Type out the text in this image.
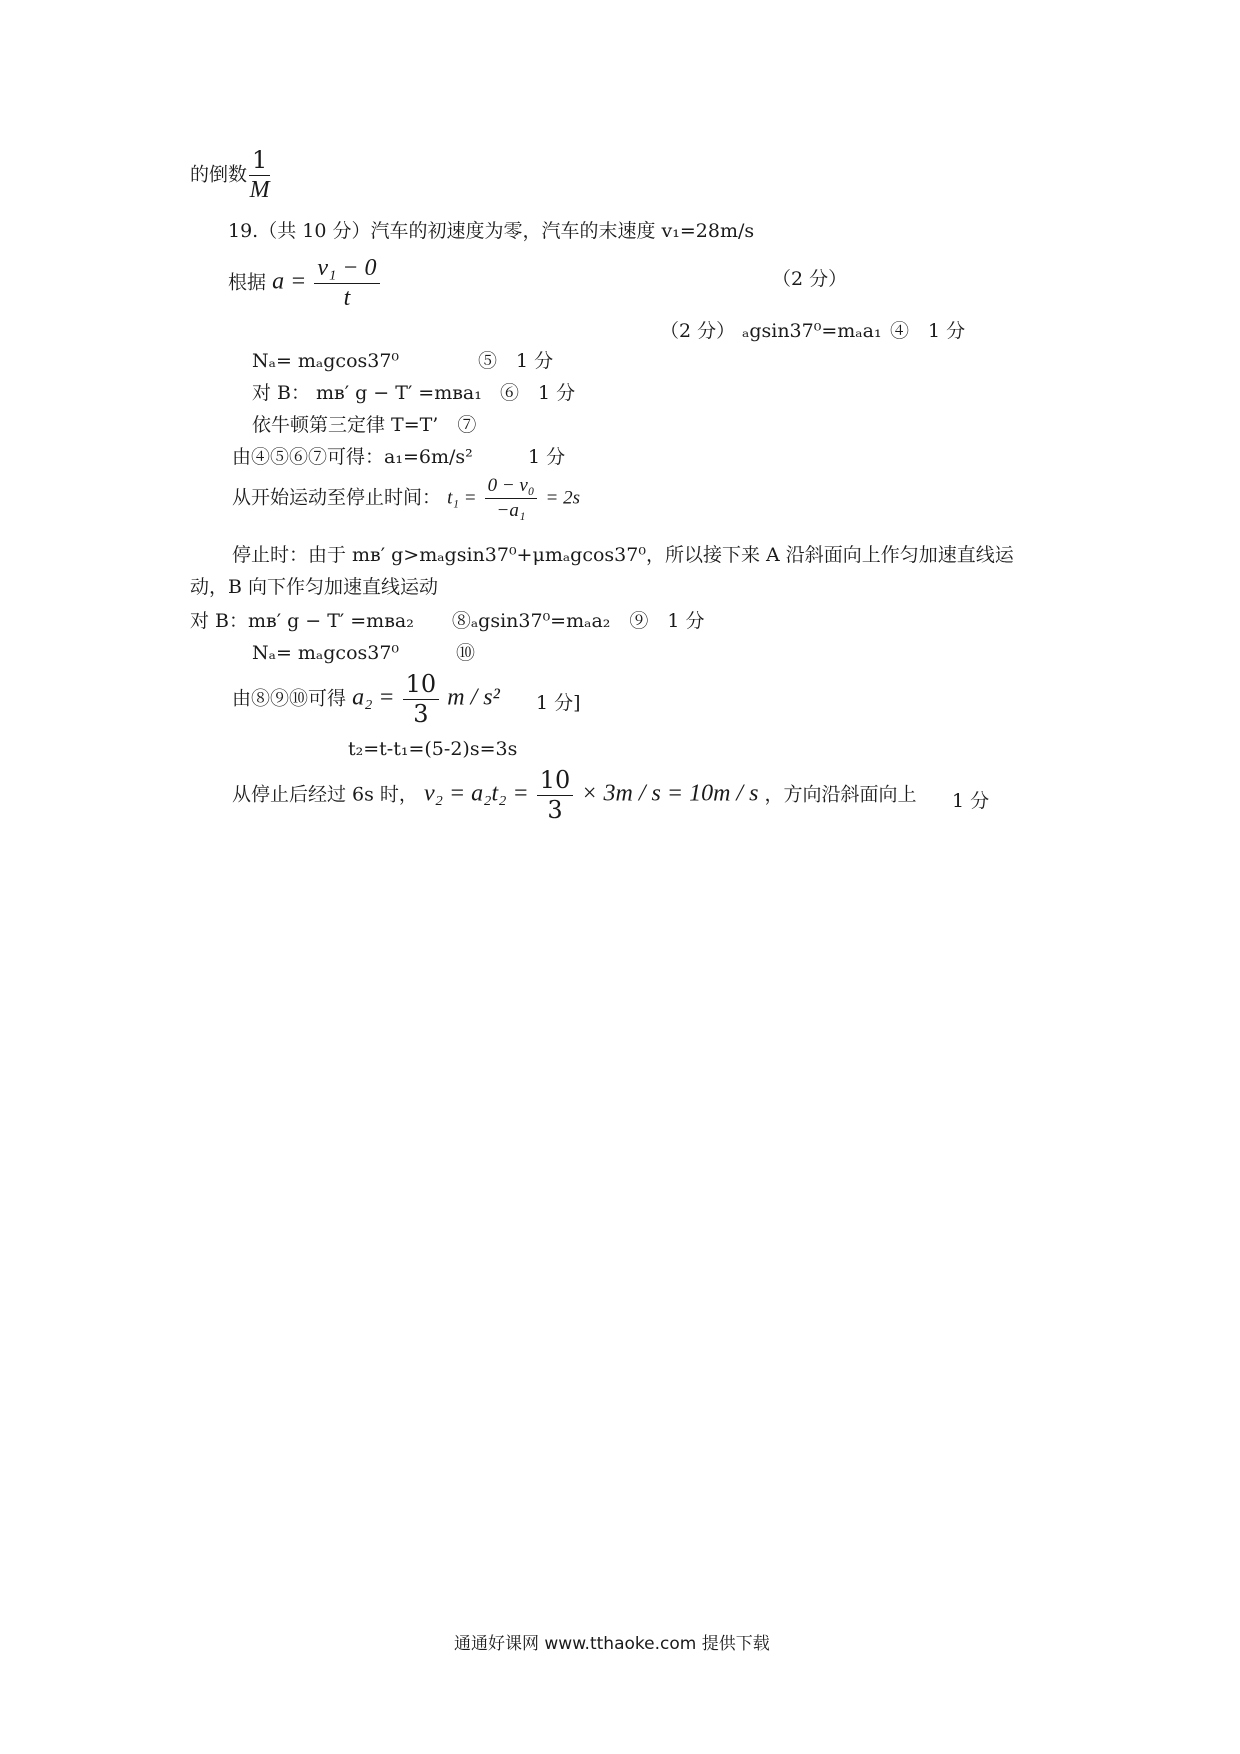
的倒数 $\frac{1}{M}$
19.（共 10 分）汽车的初速度为零，汽车的末速度 v₁=28m/s
根据 $a = \frac{\text{v₁ − 0}}{t}$	（2 分）
（2 分） ₐgsin37⁰=mₐa₁ ④　1 分
Nₐ= mₐgcos37⁰	⑤　1 分
对 B： mʙ′ g − T′ =mʙa₁ ⑥　1 分
依牛顿第三定律 T=T’　⑦
由④⑤⑥⑦可得：a₁=6m/s²	1 分
从开始运动至停止时间： $t_1 = \frac{\text{0 − v₀}}{\text{−a₁}} = 2s$
停止时：由于 mʙ′ g>mₐgsin37⁰+μmₐgcos37⁰，所以接下来 A 沿斜面向上作匀加速直线运
动，B 向下作匀加速直线运动
对 B：mʙ′ g − T′ =mʙa₂　　⑧ₐgsin37⁰=mₐa₂　⑨　1 分
Nₐ= mₐgcos37⁰　　　⑩
由⑧⑨⑩可得 $a_2 = \frac{10}{3}$ m / s² 1 分]
t₂=t-t₁=(5-2)s=3s
从停止后经过 6s 时， $v_2 = a_2t_2 = \frac{10}{3} \times 3m / s = 10m / s$ ，方向沿斜面向上 1 分
通通好课网 www.tthaoke.com 提供下载
